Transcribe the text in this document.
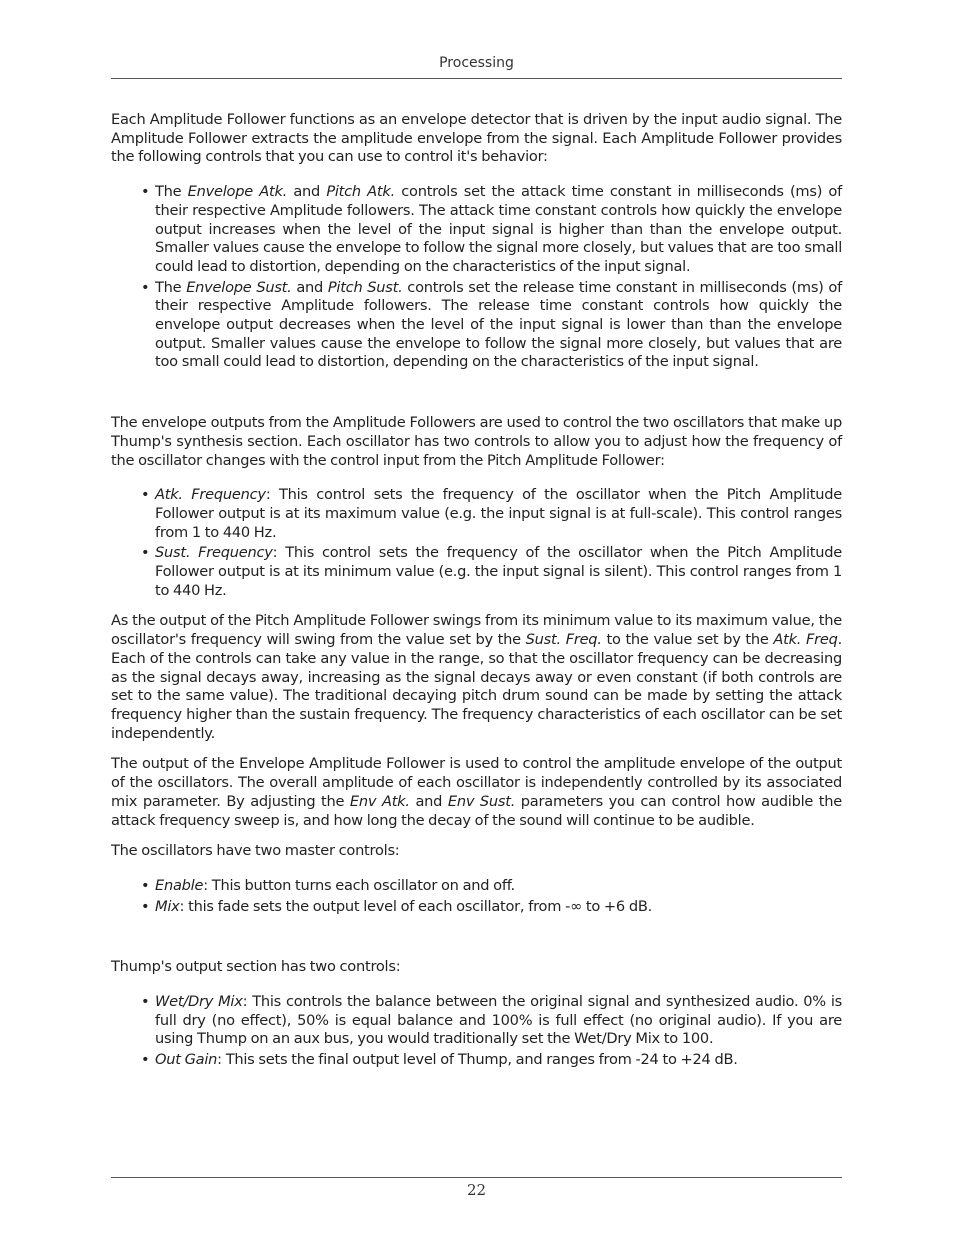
Processing

Each Amplitude Follower functions as an envelope detector that is driven by the input audio signal. The Amplitude Follower extracts the amplitude envelope from the signal. Each Amplitude Follower provides the following controls that you can use to control it's behavior:

• The Envelope Atk. and Pitch Atk. controls set the attack time constant in milliseconds (ms) of their respective Amplitude followers. The attack time constant controls how quickly the envelope output increases when the level of the input signal is higher than than the envelope output. Smaller values cause the envelope to follow the signal more closely, but values that are too small could lead to distortion, depending on the characteristics of the input signal.
• The Envelope Sust. and Pitch Sust. controls set the release time constant in milliseconds (ms) of their respective Amplitude followers. The release time constant controls how quickly the envelope output decreases when the level of the input signal is lower than than the envelope output. Smaller values cause the envelope to follow the signal more closely, but values that are too small could lead to distortion, depending on the characteristics of the input signal.

The envelope outputs from the Amplitude Followers are used to control the two oscillators that make up Thump's synthesis section. Each oscillator has two controls to allow you to adjust how the frequency of the oscillator changes with the control input from the Pitch Amplitude Follower:

• Atk. Frequency: This control sets the frequency of the oscillator when the Pitch Amplitude Follower output is at its maximum value (e.g. the input signal is at full-scale). This control ranges from 1 to 440 Hz.
• Sust. Frequency: This control sets the frequency of the oscillator when the Pitch Amplitude Follower output is at its minimum value (e.g. the input signal is silent). This control ranges from 1 to 440 Hz.

As the output of the Pitch Amplitude Follower swings from its minimum value to its maximum value, the oscillator's frequency will swing from the value set by the Sust. Freq. to the value set by the Atk. Freq. Each of the controls can take any value in the range, so that the oscillator frequency can be decreasing as the signal decays away, increasing as the signal decays away or even constant (if both controls are set to the same value). The traditional decaying pitch drum sound can be made by setting the attack frequency higher than the sustain frequency. The frequency characteristics of each oscillator can be set independently.

The output of the Envelope Amplitude Follower is used to control the amplitude envelope of the output of the oscillators. The overall amplitude of each oscillator is independently controlled by its associated mix parameter. By adjusting the Env Atk. and Env Sust. parameters you can control how audible the attack frequency sweep is, and how long the decay of the sound will continue to be audible.

The oscillators have two master controls:

• Enable: This button turns each oscillator on and off.
• Mix: this fade sets the output level of each oscillator, from -∞ to +6 dB.

Thump's output section has two controls:

• Wet/Dry Mix: This controls the balance between the original signal and synthesized audio. 0% is full dry (no effect), 50% is equal balance and 100% is full effect (no original audio). If you are using Thump on an aux bus, you would traditionally set the Wet/Dry Mix to 100.
• Out Gain: This sets the final output level of Thump, and ranges from -24 to +24 dB.
22
